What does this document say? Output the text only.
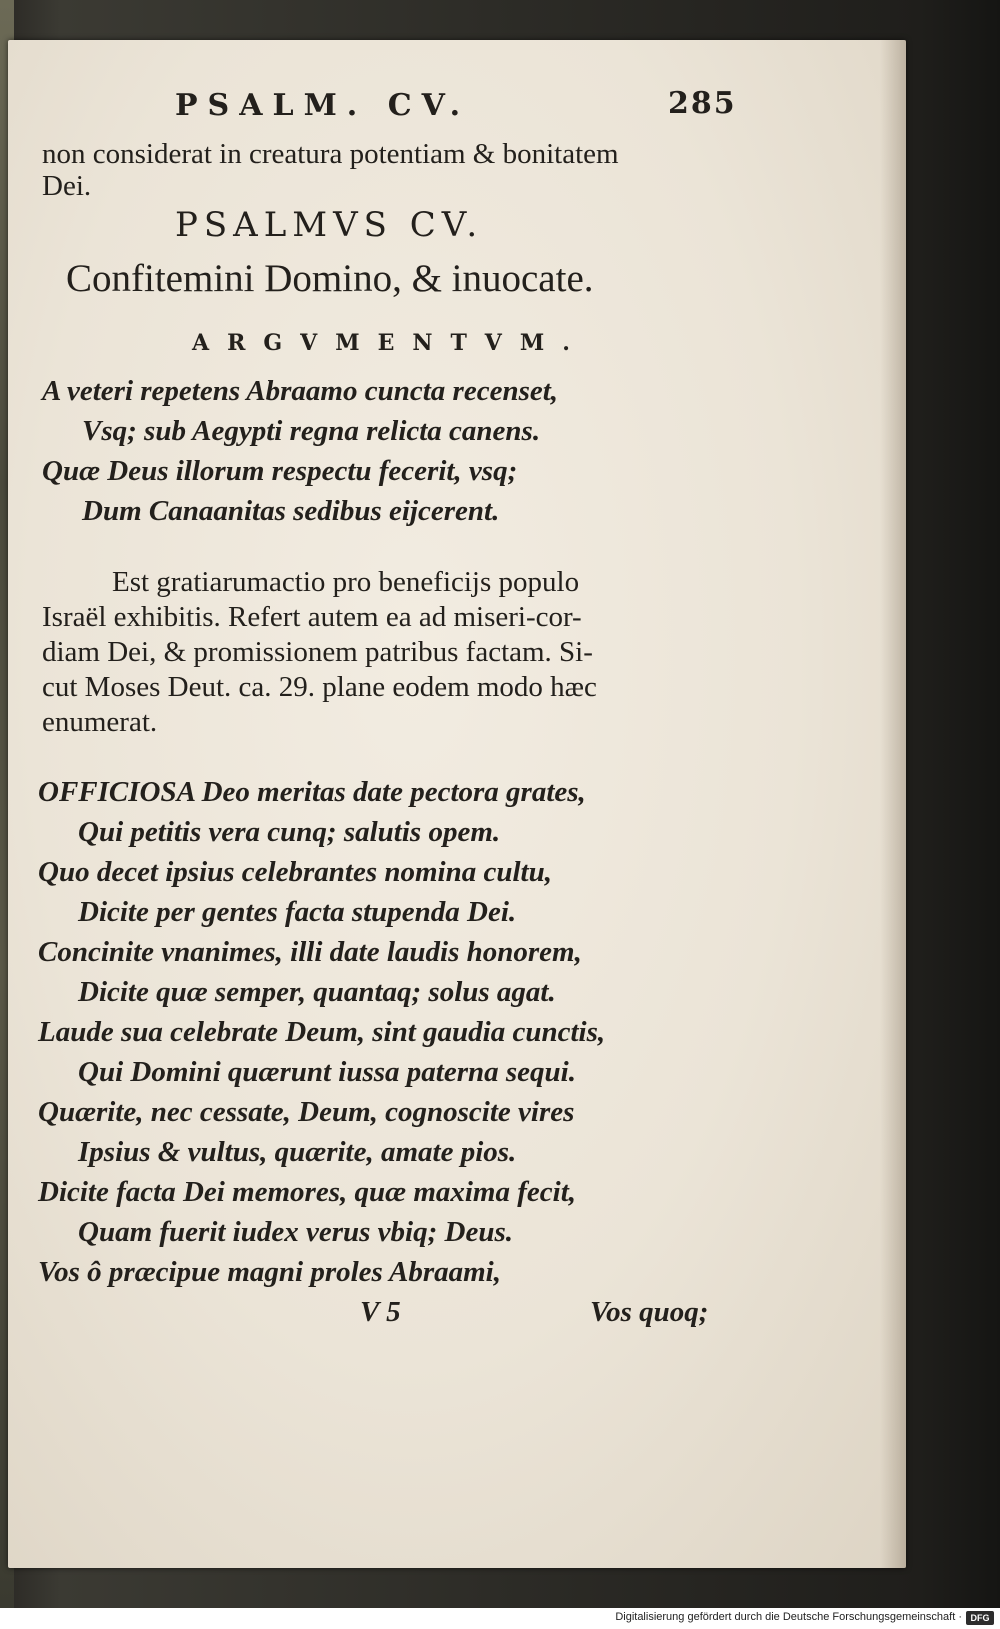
PSALM. CV.	285
non considerat in creatura potentiam & bonitatem
Dei.
PSALMVS CV.
Confitemini Domino, & inuocate.
ARGVMENTVM.
A veteri repetens Abraamo cuncta recenset,
Vsq; sub Aegypti regna relicta canens.
Quæ Deus illorum respectu fecerit, vsq;
Dum Canaanitas sedibus eijcerent.
Est gratiarumactio pro beneficijs populo
Israël exhibitis. Refert autem ea ad miseri-cor-
diam Dei, & promissionem patribus factam. Si-
cut Moses Deut. ca. 29. plane eodem modo hæc
enumerat.
OFFICIOSA Deo meritas date pectora grates,
Qui petitis vera cunq; salutis opem.
Quo decet ipsius celebrantes nomina cultu,
Dicite per gentes facta stupenda Dei.
Concinite vnanimes, illi date laudis honorem,
Dicite quæ semper, quantaq; solus agat.
Laude sua celebrate Deum, sint gaudia cunctis,
Qui Domini quærunt iussa paterna sequi.
Quærite, nec cessate, Deum, cognoscite vires
Ipsius & vultus, quærite, amate pios.
Dicite facta Dei memores, quæ maxima fecit,
Quam fuerit iudex verus vbiq; Deus.
Vos ô præcipue magni proles Abraami,
V 5	Vos quoq;
Digitalisierung gefördert durch die Deutsche Forschungsgemeinschaft · DFG
